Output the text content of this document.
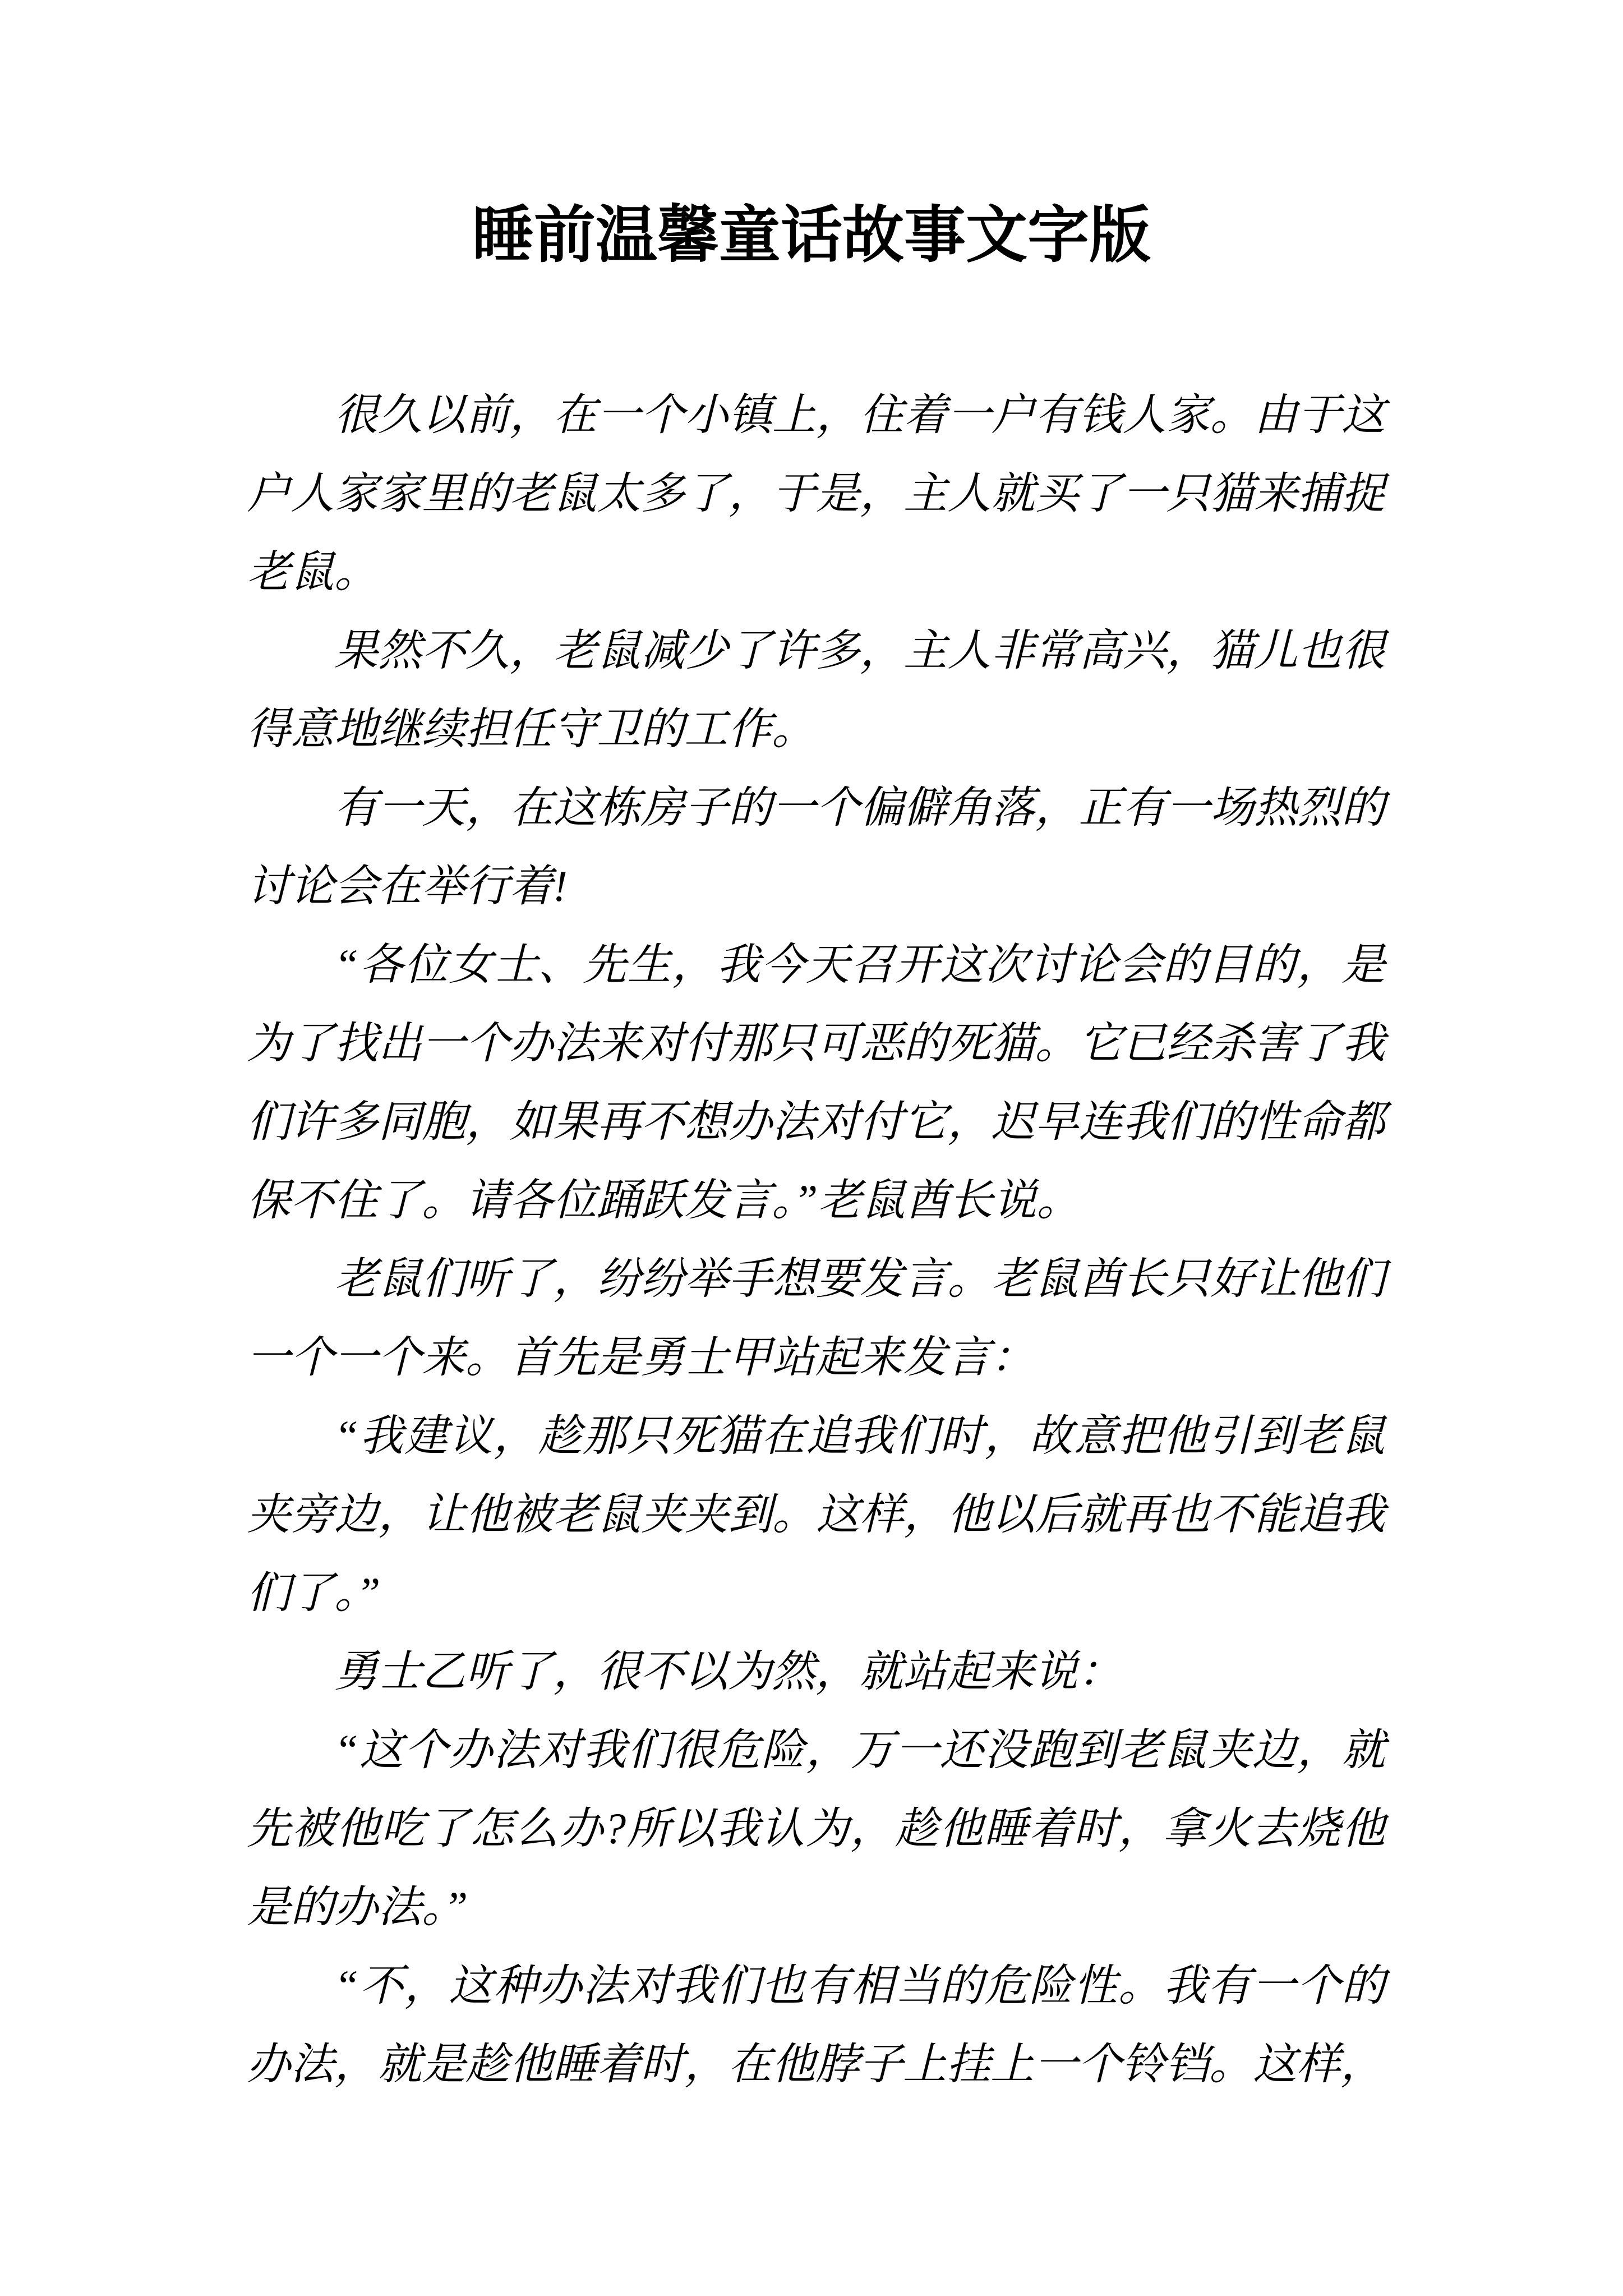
睡前温馨童话故事文字版

很久以前，在一个小镇上，住着一户有钱人家。由于这户人家家里的老鼠太多了，于是，主人就买了一只猫来捕捉老鼠。

果然不久，老鼠减少了许多，主人非常高兴，猫儿也很得意地继续担任守卫的工作。

有一天，在这栋房子的一个偏僻角落，正有一场热烈的讨论会在举行着!

“各位女士、先生，我今天召开这次讨论会的目的，是为了找出一个办法来对付那只可恶的死猫。它已经杀害了我们许多同胞，如果再不想办法对付它，迟早连我们的性命都保不住了。请各位踊跃发言。”老鼠酋长说。

老鼠们听了，纷纷举手想要发言。老鼠酋长只好让他们一个一个来。首先是勇士甲站起来发言：

“我建议，趁那只死猫在追我们时，故意把他引到老鼠夹旁边，让他被老鼠夹夹到。这样，他以后就再也不能追我们了。”

勇士乙听了，很不以为然，就站起来说：

“这个办法对我们很危险，万一还没跑到老鼠夹边，就先被他吃了怎么办?所以我认为，趁他睡着时，拿火去烧他是的办法。”

“不，这种办法对我们也有相当的危险性。我有一个的办法，就是趁他睡着时，在他脖子上挂上一个铃铛。这样，
